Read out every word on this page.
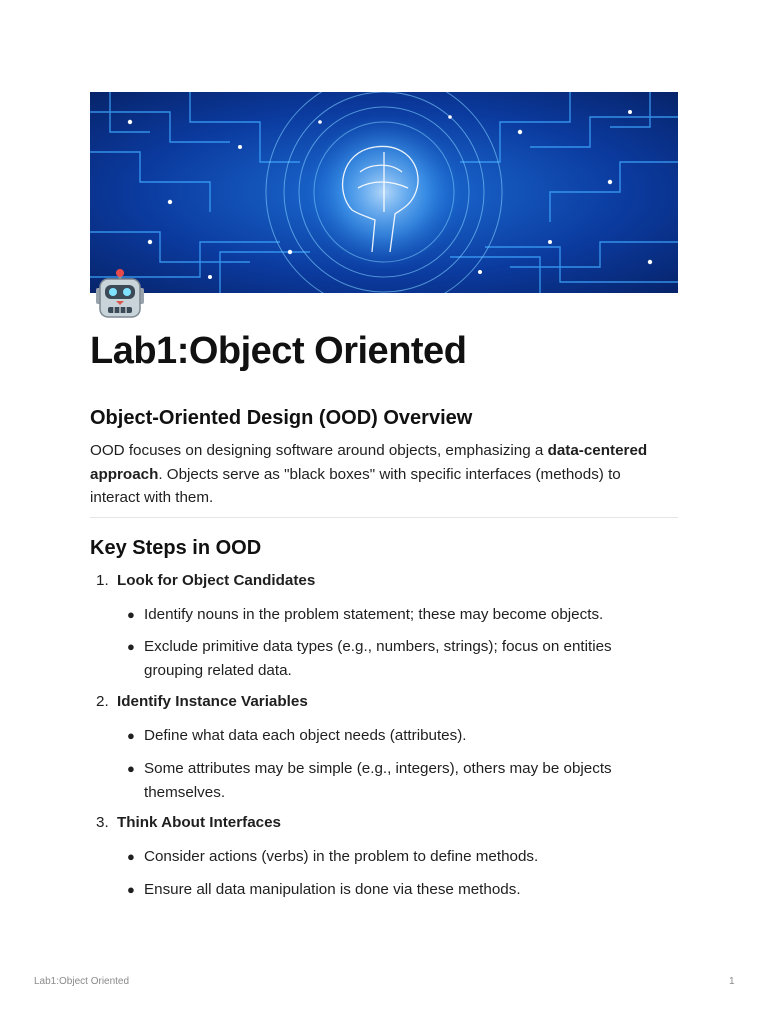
Lab1:Object Oriented
Object-Oriented Design (OOD) Overview

OOD focuses on designing software around objects, emphasizing a data-centered approach. Objects serve as "black boxes" with specific interfaces (methods) to interact with them.

Key Steps in OOD
1. Look for Object Candidates
● Identify nouns in the problem statement; these may become objects.
● Exclude primitive data types (e.g., numbers, strings); focus on entities grouping related data.
2. Identify Instance Variables
● Define what data each object needs (attributes).
● Some attributes may be simple (e.g., integers), others may be objects themselves.
3. Think About Interfaces
● Consider actions (verbs) in the problem to define methods.
● Ensure all data manipulation is done via these methods.
Lab1:Object Oriented	1
